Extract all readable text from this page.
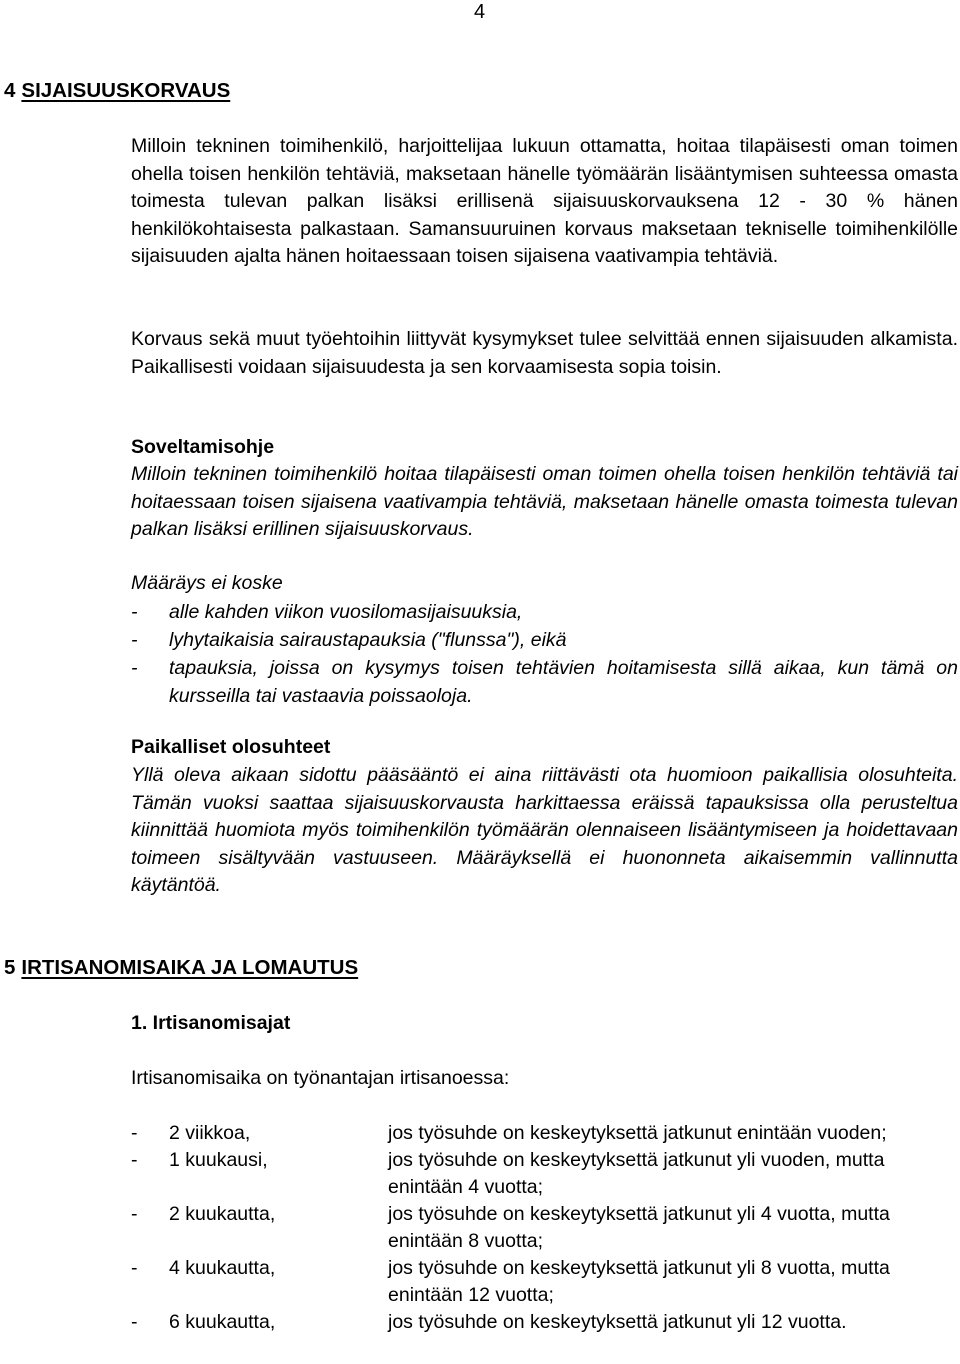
4
4 SIJAISUUSKORVAUS

Milloin tekninen toimihenkilö, harjoittelijaa lukuun ottamatta, hoitaa tilapäisesti oman toimen ohella toisen henkilön tehtäviä, maksetaan hänelle työmäärän lisääntymisen suhteessa omasta toimesta tulevan palkan lisäksi erillisenä sijaisuuskorvauksena 12 - 30 % hänen henkilökohtaisesta palkastaan. Samansuuruinen korvaus maksetaan tekniselle toimihenkilölle sijaisuuden ajalta hänen hoitaessaan toisen sijaisena vaativampia tehtäviä.

Korvaus sekä muut työehtoihin liittyvät kysymykset tulee selvittää ennen sijaisuuden alkamista. Paikallisesti voidaan sijaisuudesta ja sen korvaamisesta sopia toisin.

Soveltamisohje

Milloin tekninen toimihenkilö hoitaa tilapäisesti oman toimen ohella toisen henkilön tehtäviä tai hoitaessaan toisen sijaisena vaativampia tehtäviä, maksetaan hänelle omasta toimesta tulevan palkan lisäksi erillinen sijaisuuskorvaus.

Määräys ei koske

-	alle kahden viikon vuosilomasijaisuuksia,
-	lyhytaikaisia sairaustapauksia ("flunssa"), eikä
-	tapauksia, joissa on kysymys toisen tehtävien hoitamisesta sillä aikaa, kun tämä on kursseilla tai vastaavia poissaoloja.
Paikalliset olosuhteet

Yllä oleva aikaan sidottu pääsääntö ei aina riittävästi ota huomioon paikallisia olosuhteita. Tämän vuoksi saattaa sijaisuuskorvausta harkittaessa eräissä tapauksissa olla perusteltua kiinnittää huomiota myös toimihenkilön työmäärän olennaiseen lisääntymiseen ja hoidettavaan toimeen sisältyvään vastuuseen. Määräyksellä ei huononneta aikaisemmin vallinnutta käytäntöä.

5 IRTISANOMISAIKA JA LOMAUTUS
1. Irtisanomisajat

Irtisanomisaika on työnantajan irtisanoessa:

-	2 viikkoa,	jos työsuhde on keskeytyksettä jatkunut enintään vuoden;
-	1 kuukausi,	jos työsuhde on keskeytyksettä jatkunut yli vuoden, mutta enintään 4 vuotta;
-	2 kuukautta,	jos työsuhde on keskeytyksettä jatkunut yli 4 vuotta, mutta enintään 8 vuotta;
-	4 kuukautta,	jos työsuhde on keskeytyksettä jatkunut yli 8 vuotta, mutta enintään 12 vuotta;
-	6 kuukautta,	jos työsuhde on keskeytyksettä jatkunut yli 12 vuotta.
